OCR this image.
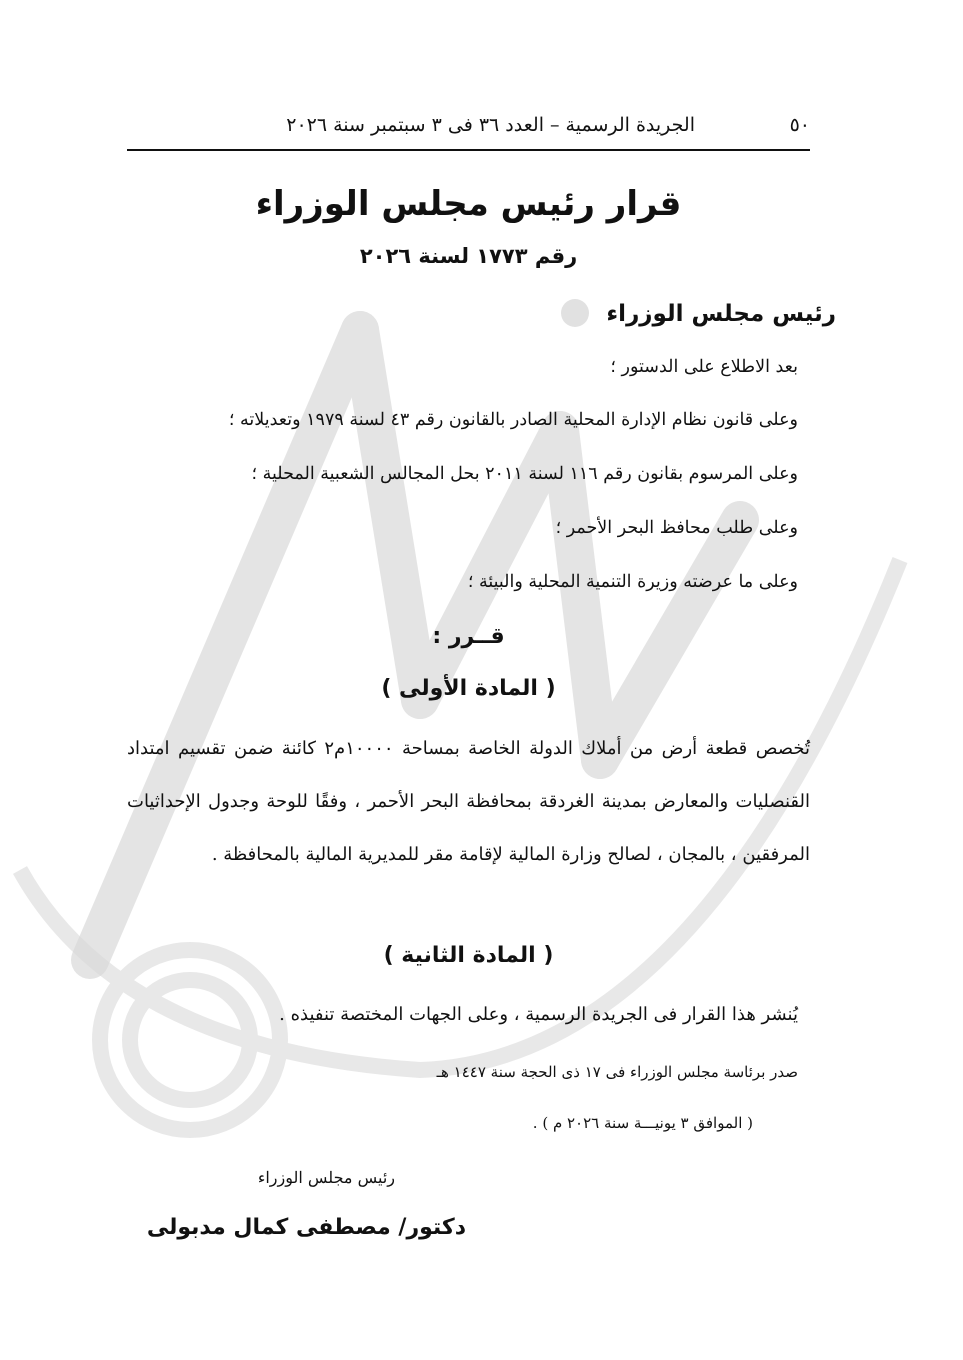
٥٠
الجريدة الرسمية – العدد ٣٦ فى ٣ سبتمبر سنة ٢٠٢٦
قرار رئيس مجلس الوزراء
رقم ١٧٧٣ لسنة ٢٠٢٦
رئيس مجلس الوزراء
بعد الاطلاع على الدستور ؛
وعلى قانون نظام الإدارة المحلية الصادر بالقانون رقم ٤٣ لسنة ١٩٧٩ وتعديلاته ؛
وعلى المرسوم بقانون رقم ١١٦ لسنة ٢٠١١ بحل المجالس الشعبية المحلية ؛
وعلى طلب محافظ البحر الأحمر ؛
وعلى ما عرضته وزيرة التنمية المحلية والبيئة ؛
قــرر :
( المادة الأولى )
تُخصص قطعة أرض من أملاك الدولة الخاصة بمساحة ١٠٠٠٠م٢ كائنة ضمن تقسيم امتداد القنصليات والمعارض بمدينة الغردقة بمحافظة البحر الأحمر ، وفقًا للوحة وجدول الإحداثيات المرفقين ، بالمجان ، لصالح وزارة المالية لإقامة مقر للمديرية المالية بالمحافظة .
( المادة الثانية )
يُنشر هذا القرار فى الجريدة الرسمية ، وعلى الجهات المختصة تنفيذه .
صدر برئاسة مجلس الوزراء فى ١٧ ذى الحجة سنة ١٤٤٧ هـ
( الموافق ٣ يونيـــة سنة ٢٠٢٦ م ) .
رئيس مجلس الوزراء
دكتور/ مصطفى كمال مدبولى
